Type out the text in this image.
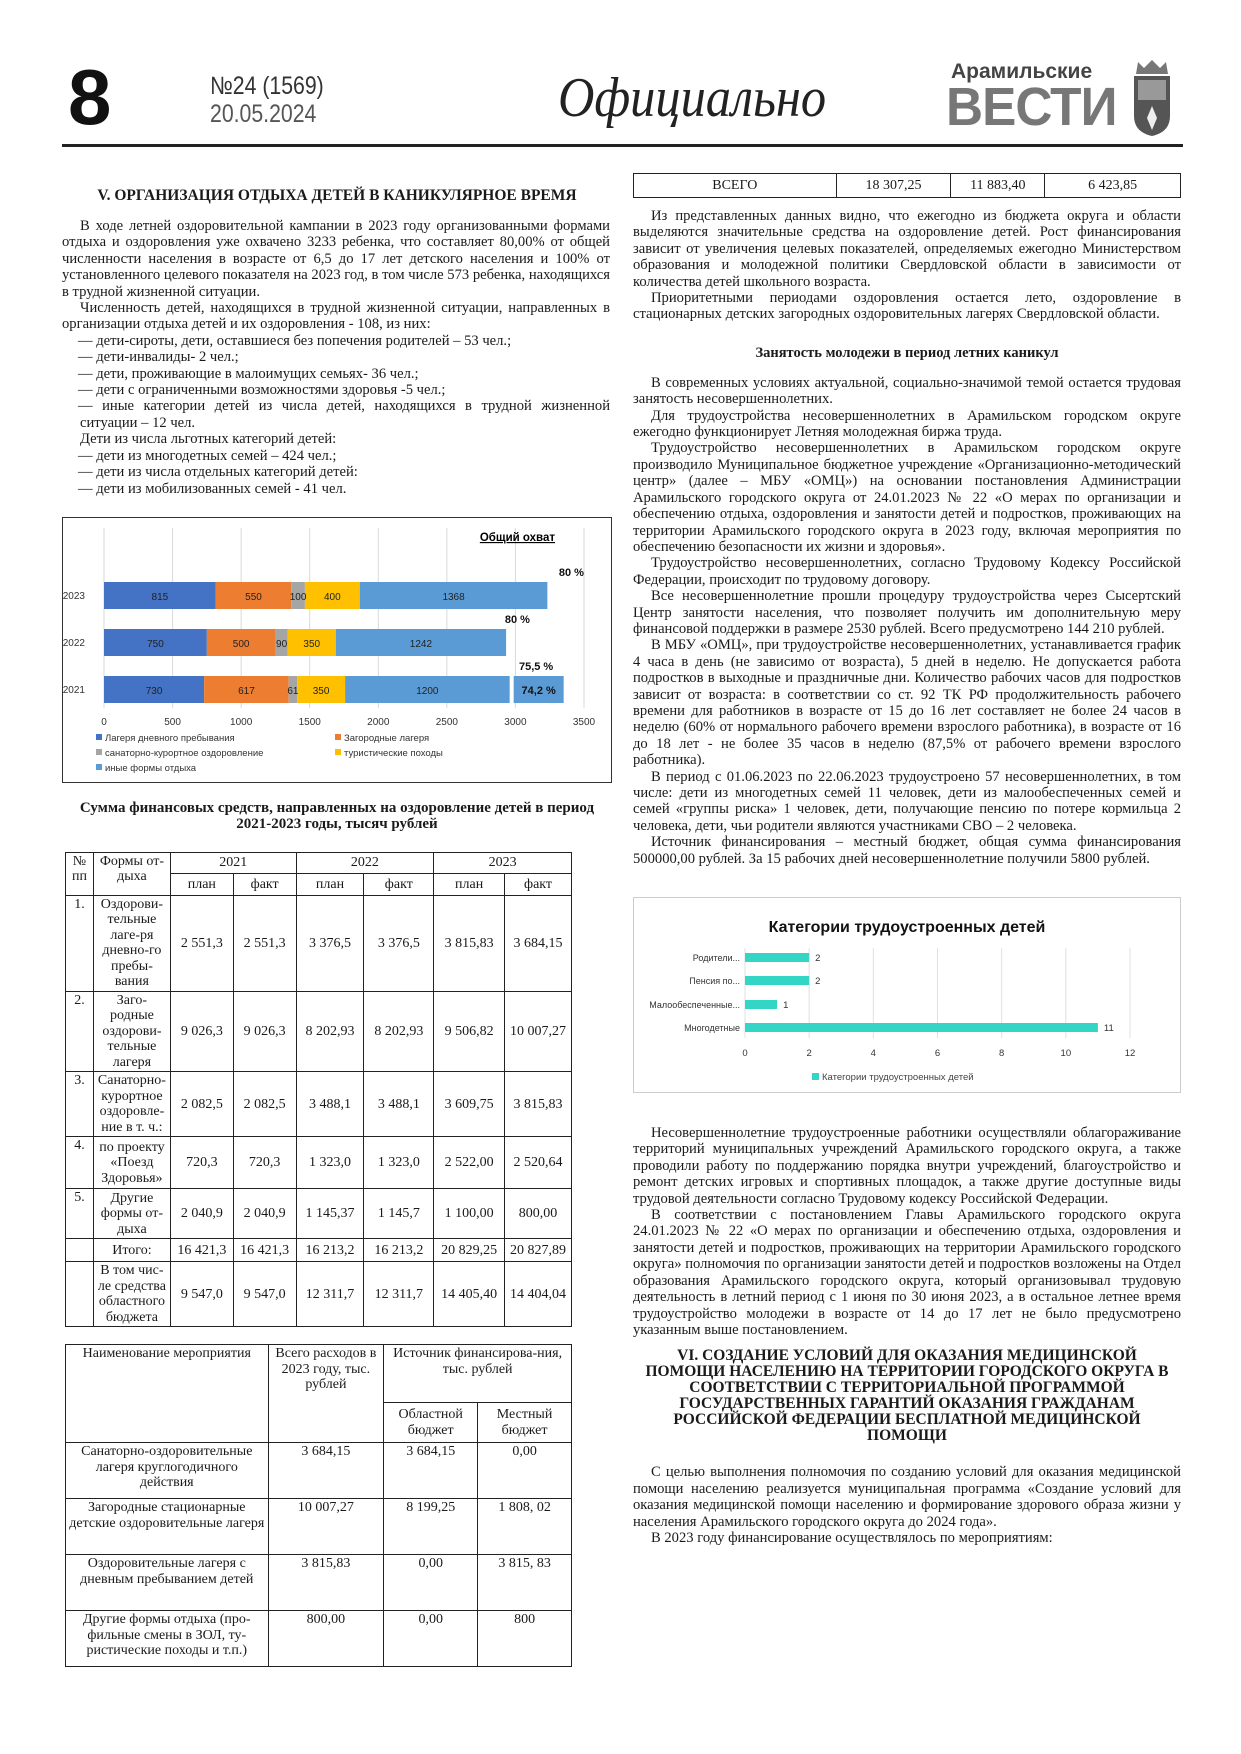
8	№24 (1569)
20.05.2024	Официально	Арамильские
ВЕСТИ
V. ОРГАНИЗАЦИЯ ОТДЫХА ДЕТЕЙ В КАНИКУЛЯРНОЕ ВРЕМЯ

В ходе летней оздоровительной кампании в 2023 году организованными формами отдыха и оздоровления уже охвачено 3233 ребенка, что составляет 80,00% от общей численности населения в возрасте от 6,5 до 17 лет детского населения и 100% от установленного целевого показателя на 2023 год, в том числе 573 ребенка, находящихся в трудной жизненной ситуации.

Численность детей, находящихся в трудной жизненной ситуации, направленных в организации отдыха детей и их оздоровления - 108, из них:

— дети-сироты, дети, оставшиеся без попечения родителей – 53 чел.;
— дети-инвалиды- 2 чел.;
— дети, проживающие в малоимущих семьях- 36 чел.;
— дети с ограниченными возможностями здоровья -5 чел.;
— иные категории детей из числа детей, находящихся в трудной жизненной ситуации – 12 чел.

Дети из числа льготных категорий детей:

— дети из многодетных семей – 424 чел.;
— дети из числа отдельных категорий детей:
— дети из мобилизованных семей - 41 чел.
0	500	1000	1500	2000	2500	3000	3500
2023
2022
2021
815	550	100 400	1368
750	500	90 350	1242
730	617	61 350	1200
80 %
80 %
75,5 %
74,2 %
Лагеря дневного пребывания	Загородные лагеря
санаторно-курортное оздоровление	туристические походы
иные формы отдыха
Общий охват
Сумма финансовых средств, направленных на оздоровление детей в период 2021-2023 годы, тысяч рублей
№ пп	Формы от-дыха	2021		2022		2023	
		план	факт	план	факт	план	факт
1.	Оздорови-тельные лаге-ря дневно-го пребы-вания	2 551,3	2 551,3	3 376,5	3 376,5	3 815,83	3 684,15
2.	Заго-родные оздорови-тельные лагеря	9 026,3	9 026,3	8 202,93	8 202,93	9 506,82	10 007,27
3.	Санаторно-курортное оздоровле-ние в т. ч.:	2 082,5	2 082,5	3 488,1	3 488,1	3 609,75	3 815,83
4.	по проекту «Поезд Здоровья»	720,3	720,3	1 323,0	1 323,0	2 522,00	2 520,64
5.	Другие формы от-дыха	2 040,9	2 040,9	1 145,37	1 145,7	1 100,00	800,00
	Итого:	16 421,3	16 421,3	16 213,2	16 213,2	20 829,25	20 827,89
	В том чис-ле средства областного бюджета	9 547,0	9 547,0	12 311,7	12 311,7	14 405,40	14 404,04
Наименование мероприятия	Всего расходов в 2023 году, тыс. рублей	Источник финансирова-ния, тыс. рублей	
		Областной бюджет	Местный бюджет
Санаторно-оздоровительные лагеря круглогодичного действия	3 684,15	3 684,15	0,00
Загородные стационарные детские оздоровительные лагеря	10 007,27	8 199,25	1 808, 02
Оздоровительные лагеря с дневным пребыванием детей	3 815,83	0,00	3 815, 83
Другие формы отдыха (про-фильные смены в ЗОЛ, ту-ристические походы и т.п.)	800,00	0,00	800
ВСЕГО	18 307,25	11 883,40	6 423,85

Из представленных данных видно, что ежегодно из бюджета округа и области выделяются значительные средства на оздоровление детей. Рост финансирования зависит от увеличения целевых показателей, определяемых ежегодно Министерством образования и молодежной политики Свердловской области в зависимости от количества детей школьного возраста.

Приоритетными периодами оздоровления остается лето, оздоровление в стационарных детских загородных оздоровительных лагерях Свердловской области.

Занятость молодежи в период летних каникул

В современных условиях актуальной, социально-значимой темой остается трудовая занятость несовершеннолетних.

Для трудоустройства несовершеннолетних в Арамильском городском округе ежегодно функционирует Летняя молодежная биржа труда.

Трудоустройство несовершеннолетних в Арамильском городском округе производило Муниципальное бюджетное учреждение «Организационно-методический центр» (далее – МБУ «ОМЦ») на основании постановления Администрации Арамильского городского округа от 24.01.2023 № 22 «О мерах по организации и обеспечению отдыха, оздоровления и занятости детей и подростков, проживающих на территории Арамильского городского округа в 2023 году, включая мероприятия по обеспечению безопасности их жизни и здоровья».

Трудоустройство несовершеннолетних, согласно Трудовому Кодексу Российской Федерации, происходит по трудовому договору.

Все несовершеннолетние прошли процедуру трудоустройства через Сысертский Центр занятости населения, что позволяет получить им дополнительную меру финансовой поддержки в размере 2530 рублей. Всего предусмотрено 144 210 рублей.

В МБУ «ОМЦ», при трудоустройстве несовершеннолетних, устанавливается график 4 часа в день (не зависимо от возраста), 5 дней в неделю. Не допускается работа подростков в выходные и праздничные дни. Количество рабочих часов для подростков зависит от возраста: в соответствии со ст. 92 ТК РФ продолжительность рабочего времени для работников в возрасте от 15 до 16 лет составляет не более 24 часов в неделю (60% от нормального рабочего времени взрослого работника), в возрасте от 16 до 18 лет - не более 35 часов в неделю (87,5% от рабочего времени взрослого работника).

В период с 01.06.2023 по 22.06.2023 трудоустроено 57 несовершеннолетних, в том числе: дети из многодетных семей 11 человек, дети из малообеспеченных семей и семей «группы риска» 1 человек, дети, получающие пенсию по потере кормильца 2 человека, дети, чьи родители являются участниками СВО – 2 человека.

Источник финансирования – местный бюджет, общая сумма финансирования 500000,00 рублей. За 15 рабочих дней несовершеннолетние получили 5800 рублей.

Категории трудоустроенных детей
0	2	4	6	8	10	12
Родители...
Пенсия по...
Малообеспеченные...
Многодетные
2
2
1
11
Категории трудоустроенных детей

Несовершеннолетние трудоустроенные работники осуществляли облагораживание территорий муниципальных учреждений Арамильского городского округа, а также проводили работу по поддержанию порядка внутри учреждений, благоустройство и ремонт детских игровых и спортивных площадок, а также другие доступные виды трудовой деятельности согласно Трудовому кодексу Российской Федерации.

В соответствии с постановлением Главы Арамильского городского округа 24.01.2023 № 22 «О мерах по организации и обеспечению отдыха, оздоровления и занятости детей и подростков, проживающих на территории Арамильского городского округа» полномочия по организации занятости детей и подростков возложены на Отдел образования Арамильского городского округа, который организовывал трудовую деятельность в летний период с 1 июня по 30 июня 2023, а в остальное летнее время трудоустройство молодежи в возрасте от 14 до 17 лет не было предусмотрено указанным выше постановлением.

VI. СОЗДАНИЕ УСЛОВИЙ ДЛЯ ОКАЗАНИЯ МЕДИЦИНСКОЙ ПОМОЩИ НАСЕЛЕНИЮ НА ТЕРРИТОРИИ ГОРОДСКОГО ОКРУГА В СООТВЕТСТВИИ С ТЕРРИТОРИАЛЬНОЙ ПРОГРАММОЙ ГОСУДАРСТВЕННЫХ ГАРАНТИЙ ОКАЗАНИЯ ГРАЖДАНАМ РОССИЙСКОЙ ФЕДЕРАЦИИ БЕСПЛАТНОЙ МЕДИЦИНСКОЙ ПОМОЩИ

С целью выполнения полномочия по созданию условий для оказания медицинской помощи населению реализуется муниципальная программа «Создание условий для оказания медицинской помощи населению и формирование здорового образа жизни у населения Арамильского городского округа до 2024 года».

В 2023 году финансирование осуществлялось по мероприятиям:
